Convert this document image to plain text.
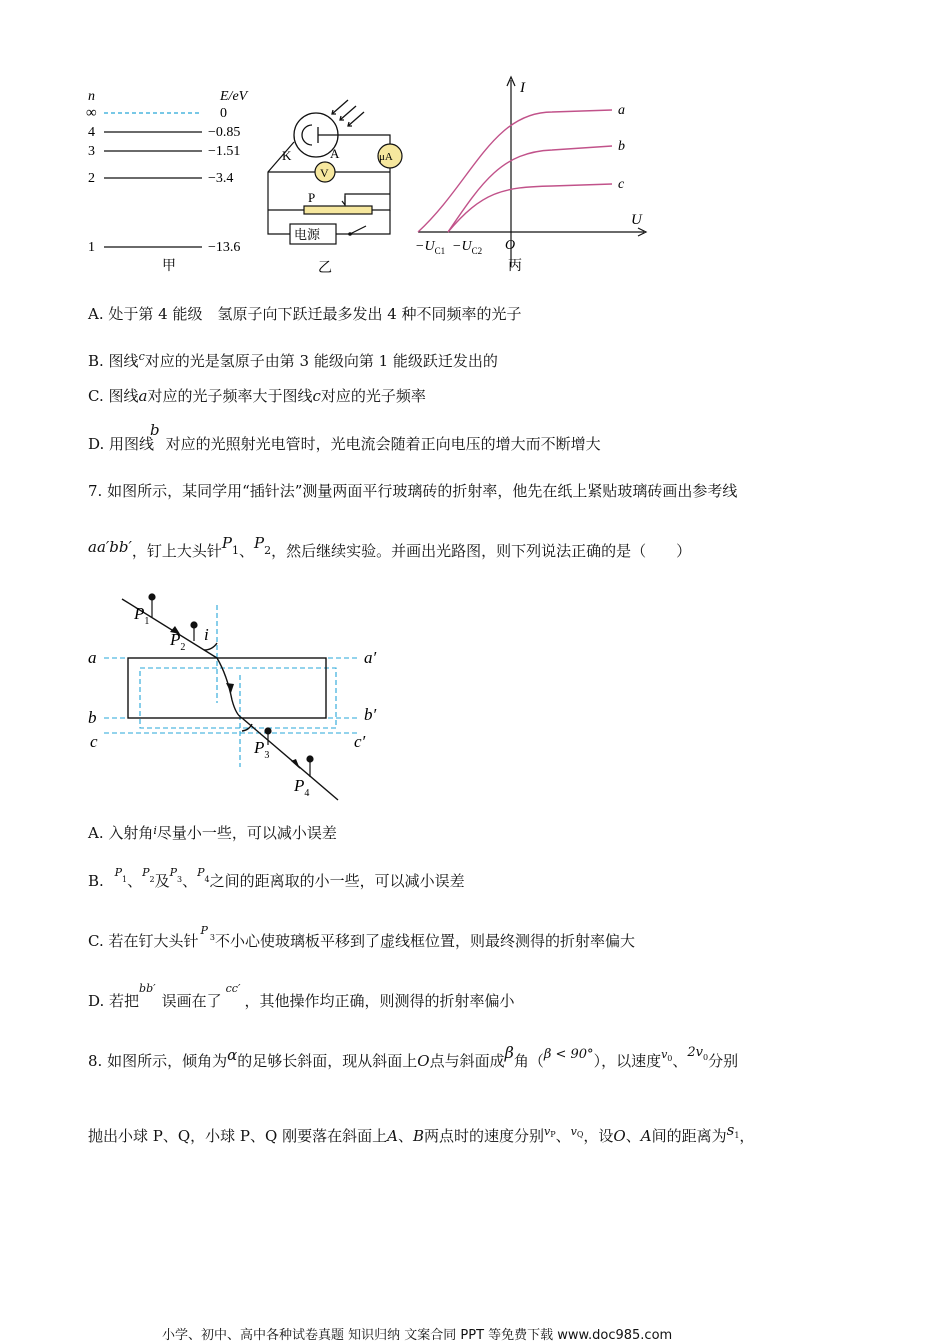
n	E/eV
∞	0
4	−0.85
3	−1.51
2	−3.4
1	−13.6
甲
K	A	μA
V
P
电源
乙
I
U
O
a
b
c
$-U_{C1} -U_{C2}$
丙
A. 处于第 4 能级　氢原子向下跃迁最多发出 4 种不同频率的光子
B. 图线$^c$对应的光是氢原子由第 3 能级向第 1 能级跃迁发出的
C. 图线a对应的光子频率大于图线c对应的光子频率
D. 用图线b对应的光照射光电管时，光电流会随着正向电压的增大而不断增大
7. 如图所示，某同学用“插针法”测量两面平行玻璃砖的折射率，他先在纸上紧贴玻璃砖画出参考线
aa′bb′，钉上大头针P1、P2，然后继续实验。并画出光路图，则下列说法正确的是（　　）
$P_1$
$P_2$
i
$P_3$
$P_4$
a	a′
b	b′
c	c′
A. 入射角$^i$尽量小一些，可以减小误差
B. $^{P1}$、$^{P2}$及$^{P3}$、$^{P4}$之间的距离取的小一些，可以减小误差
C. 若在钉大头针$^{P3}$不小心使玻璃板平移到了虚线框位置，则最终测得的折射率偏大
D. 若把$^{bb'}$误画在了$^{cc'}$，其他操作均正确，则测得的折射率偏小
8. 如图所示，倾角为α的足够长斜面，现从斜面上O点与斜面成β角（β < 90°），以速度$^{v0}$、$2v^0$分别
抛出小球 P、Q，小球 P、Q 刚要落在斜面上A、B两点时的速度分别$^{vP}$、$^{vQ}$，设O、A间的距离为$s^1$，
小学、初中、高中各种试卷真题 知识归纳 文案合同 PPT 等免费下载 www.doc985.com
